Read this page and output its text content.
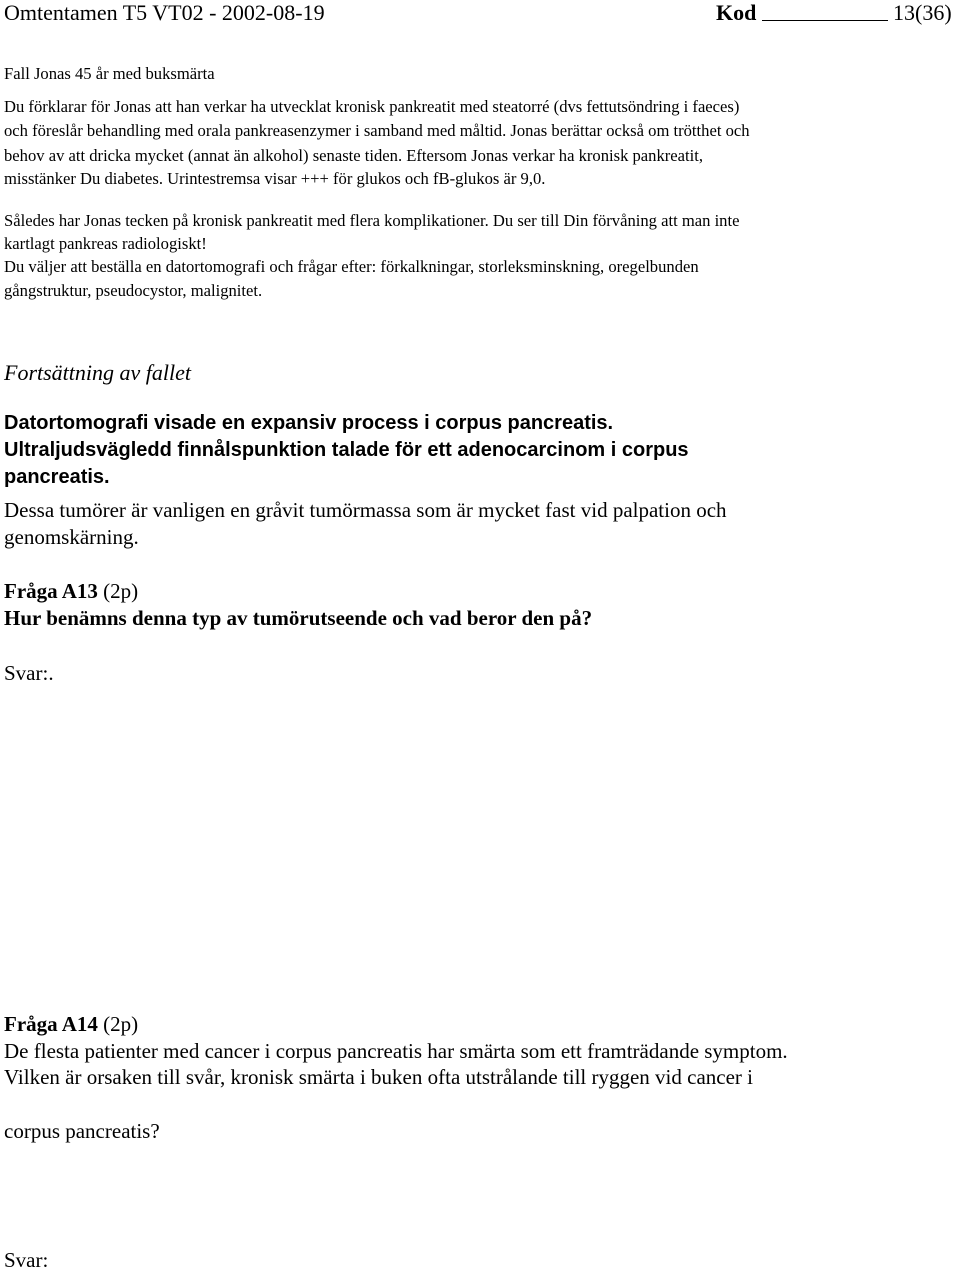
Omtentamen T5 VT02 - 2002-08-19	Kod	13(36)
Fall Jonas 45 år med buksmärta
Du förklarar för Jonas att han verkar ha utvecklat kronisk pankreatit med steatorré (dvs fettutsöndring i faeces)
och föreslår behandling med orala pankreasenzymer i samband med måltid. Jonas berättar också om trötthet och
behov av att dricka mycket (annat än alkohol) senaste tiden. Eftersom Jonas verkar ha kronisk pankreatit,
misstänker Du diabetes. Urintestremsa visar +++ för glukos och fB-glukos är 9,0.
Således har Jonas tecken på kronisk pankreatit med flera komplikationer. Du ser till Din förvåning att man inte
kartlagt pankreas radiologiskt!
Du väljer att beställa en datortomografi och frågar efter: förkalkningar, storleksminskning, oregelbunden
gångstruktur, pseudocystor, malignitet.
Fortsättning av fallet
Datortomografi visade en expansiv process i corpus pancreatis.
Ultraljudsvägledd finnålspunktion talade för ett adenocarcinom i corpus
pancreatis.
Dessa tumörer är vanligen en gråvit tumörmassa som är mycket fast vid palpation och
genomskärning.
Fråga A13 (2p)
Hur benämns denna typ av tumörutseende och vad beror den på?
Svar:.
Fråga A14 (2p)
De flesta patienter med cancer i corpus pancreatis har smärta som ett framträdande symptom.
Vilken är orsaken till svår, kronisk smärta i buken ofta utstrålande till ryggen vid cancer i
corpus pancreatis?
Svar:
